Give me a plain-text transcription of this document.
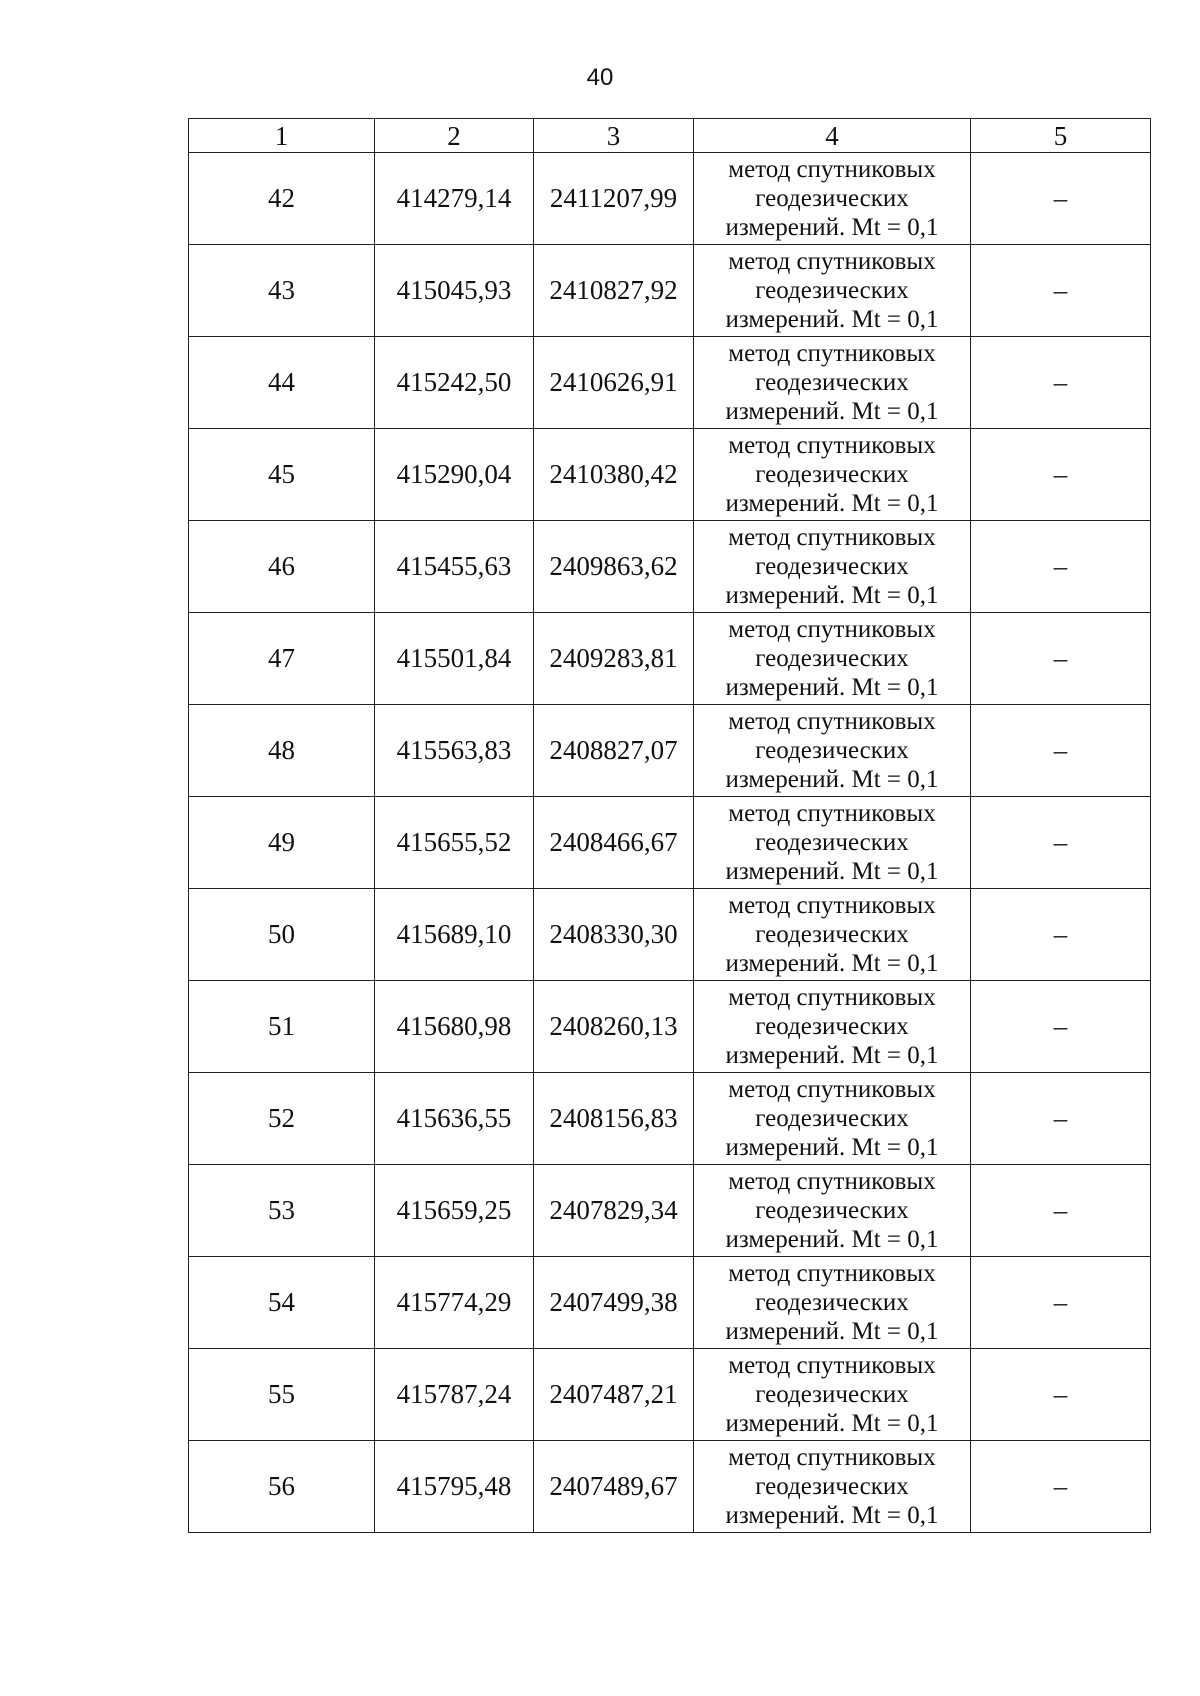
40
1	2	3	4	5
42	414279,14	2411207,99	метод спутниковых
геодезических
измерений. Mt = 0,1	–
43	415045,93	2410827,92	метод спутниковых
геодезических
измерений. Mt = 0,1	–
44	415242,50	2410626,91	метод спутниковых
геодезических
измерений. Mt = 0,1	–
45	415290,04	2410380,42	метод спутниковых
геодезических
измерений. Mt = 0,1	–
46	415455,63	2409863,62	метод спутниковых
геодезических
измерений. Mt = 0,1	–
47	415501,84	2409283,81	метод спутниковых
геодезических
измерений. Mt = 0,1	–
48	415563,83	2408827,07	метод спутниковых
геодезических
измерений. Mt = 0,1	–
49	415655,52	2408466,67	метод спутниковых
геодезических
измерений. Mt = 0,1	–
50	415689,10	2408330,30	метод спутниковых
геодезических
измерений. Mt = 0,1	–
51	415680,98	2408260,13	метод спутниковых
геодезических
измерений. Mt = 0,1	–
52	415636,55	2408156,83	метод спутниковых
геодезических
измерений. Mt = 0,1	–
53	415659,25	2407829,34	метод спутниковых
геодезических
измерений. Mt = 0,1	–
54	415774,29	2407499,38	метод спутниковых
геодезических
измерений. Mt = 0,1	–
55	415787,24	2407487,21	метод спутниковых
геодезических
измерений. Mt = 0,1	–
56	415795,48	2407489,67	метод спутниковых
геодезических
измерений. Mt = 0,1	–
